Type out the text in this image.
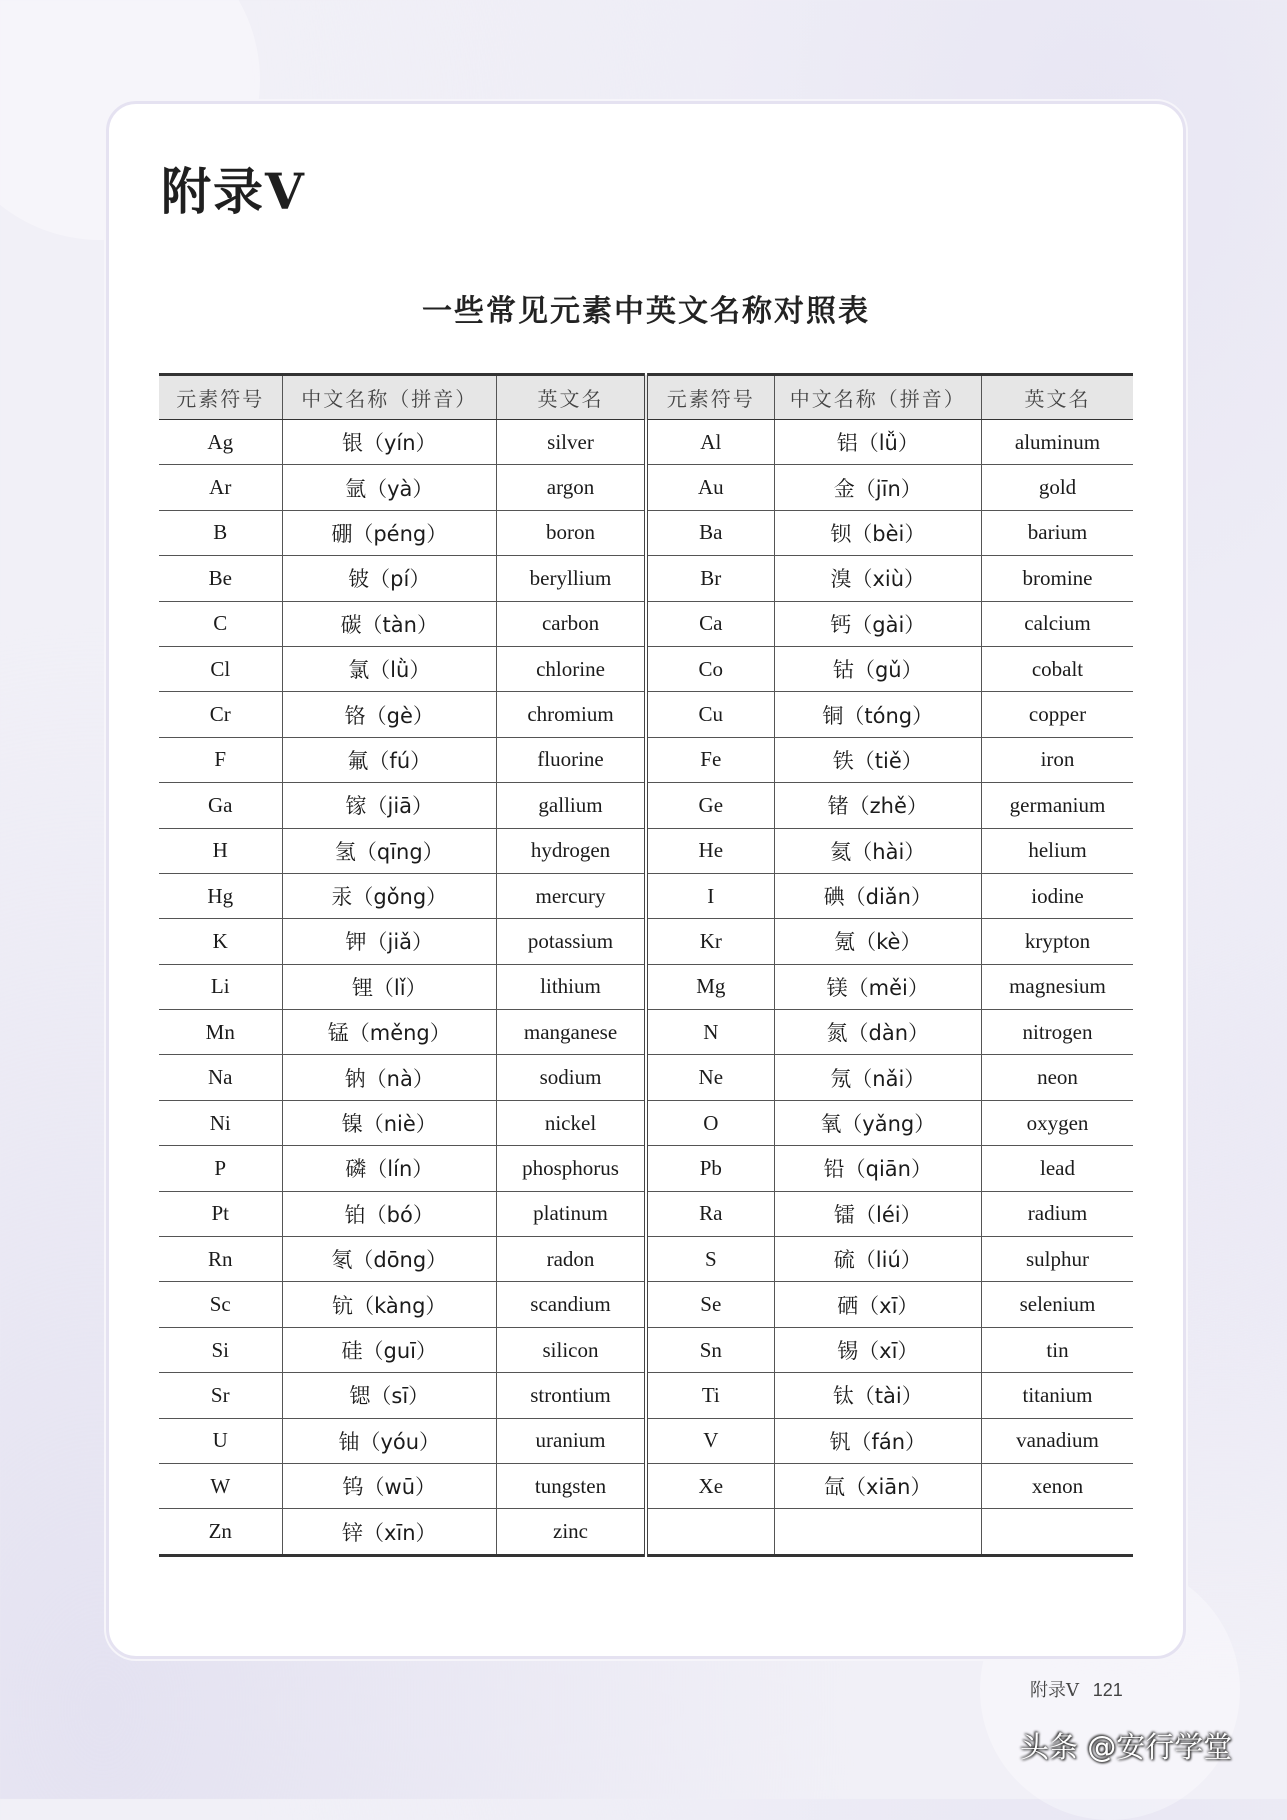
附录V
一些常见元素中英文名称对照表
元素符号	中文名称（拼音）	英文名	元素符号	中文名称（拼音）	英文名
Ag	银（yín）	silver	Al	铝（lǚ）	aluminum
Ar	氩（yà）	argon	Au	金（jīn）	gold
B	硼（péng）	boron	Ba	钡（bèi）	barium
Be	铍（pí）	beryllium	Br	溴（xiù）	bromine
C	碳（tàn）	carbon	Ca	钙（gài）	calcium
Cl	氯（lǜ）	chlorine	Co	钴（gǔ）	cobalt
Cr	铬（gè）	chromium	Cu	铜（tóng）	copper
F	氟（fú）	fluorine	Fe	铁（tiě）	iron
Ga	镓（jiā）	gallium	Ge	锗（zhě）	germanium
H	氢（qīng）	hydrogen	He	氦（hài）	helium
Hg	汞（gǒng）	mercury	I	碘（diǎn）	iodine
K	钾（jiǎ）	potassium	Kr	氪（kè）	krypton
Li	锂（lǐ）	lithium	Mg	镁（měi）	magnesium
Mn	锰（měng）	manganese	N	氮（dàn）	nitrogen
Na	钠（nà）	sodium	Ne	氖（nǎi）	neon
Ni	镍（niè）	nickel	O	氧（yǎng）	oxygen
P	磷（lín）	phosphorus	Pb	铅（qiān）	lead
Pt	铂（bó）	platinum	Ra	镭（léi）	radium
Rn	氡（dōng）	radon	S	硫（liú）	sulphur
Sc	钪（kàng）	scandium	Se	硒（xī）	selenium
Si	硅（guī）	silicon	Sn	锡（xī）	tin
Sr	锶（sī）	strontium	Ti	钛（tài）	titanium
U	铀（yóu）	uranium	V	钒（fán）	vanadium
W	钨（wū）	tungsten	Xe	氙（xiān）	xenon
Zn	锌（xīn）	zinc			
附录V 121
头条 @安行学堂
